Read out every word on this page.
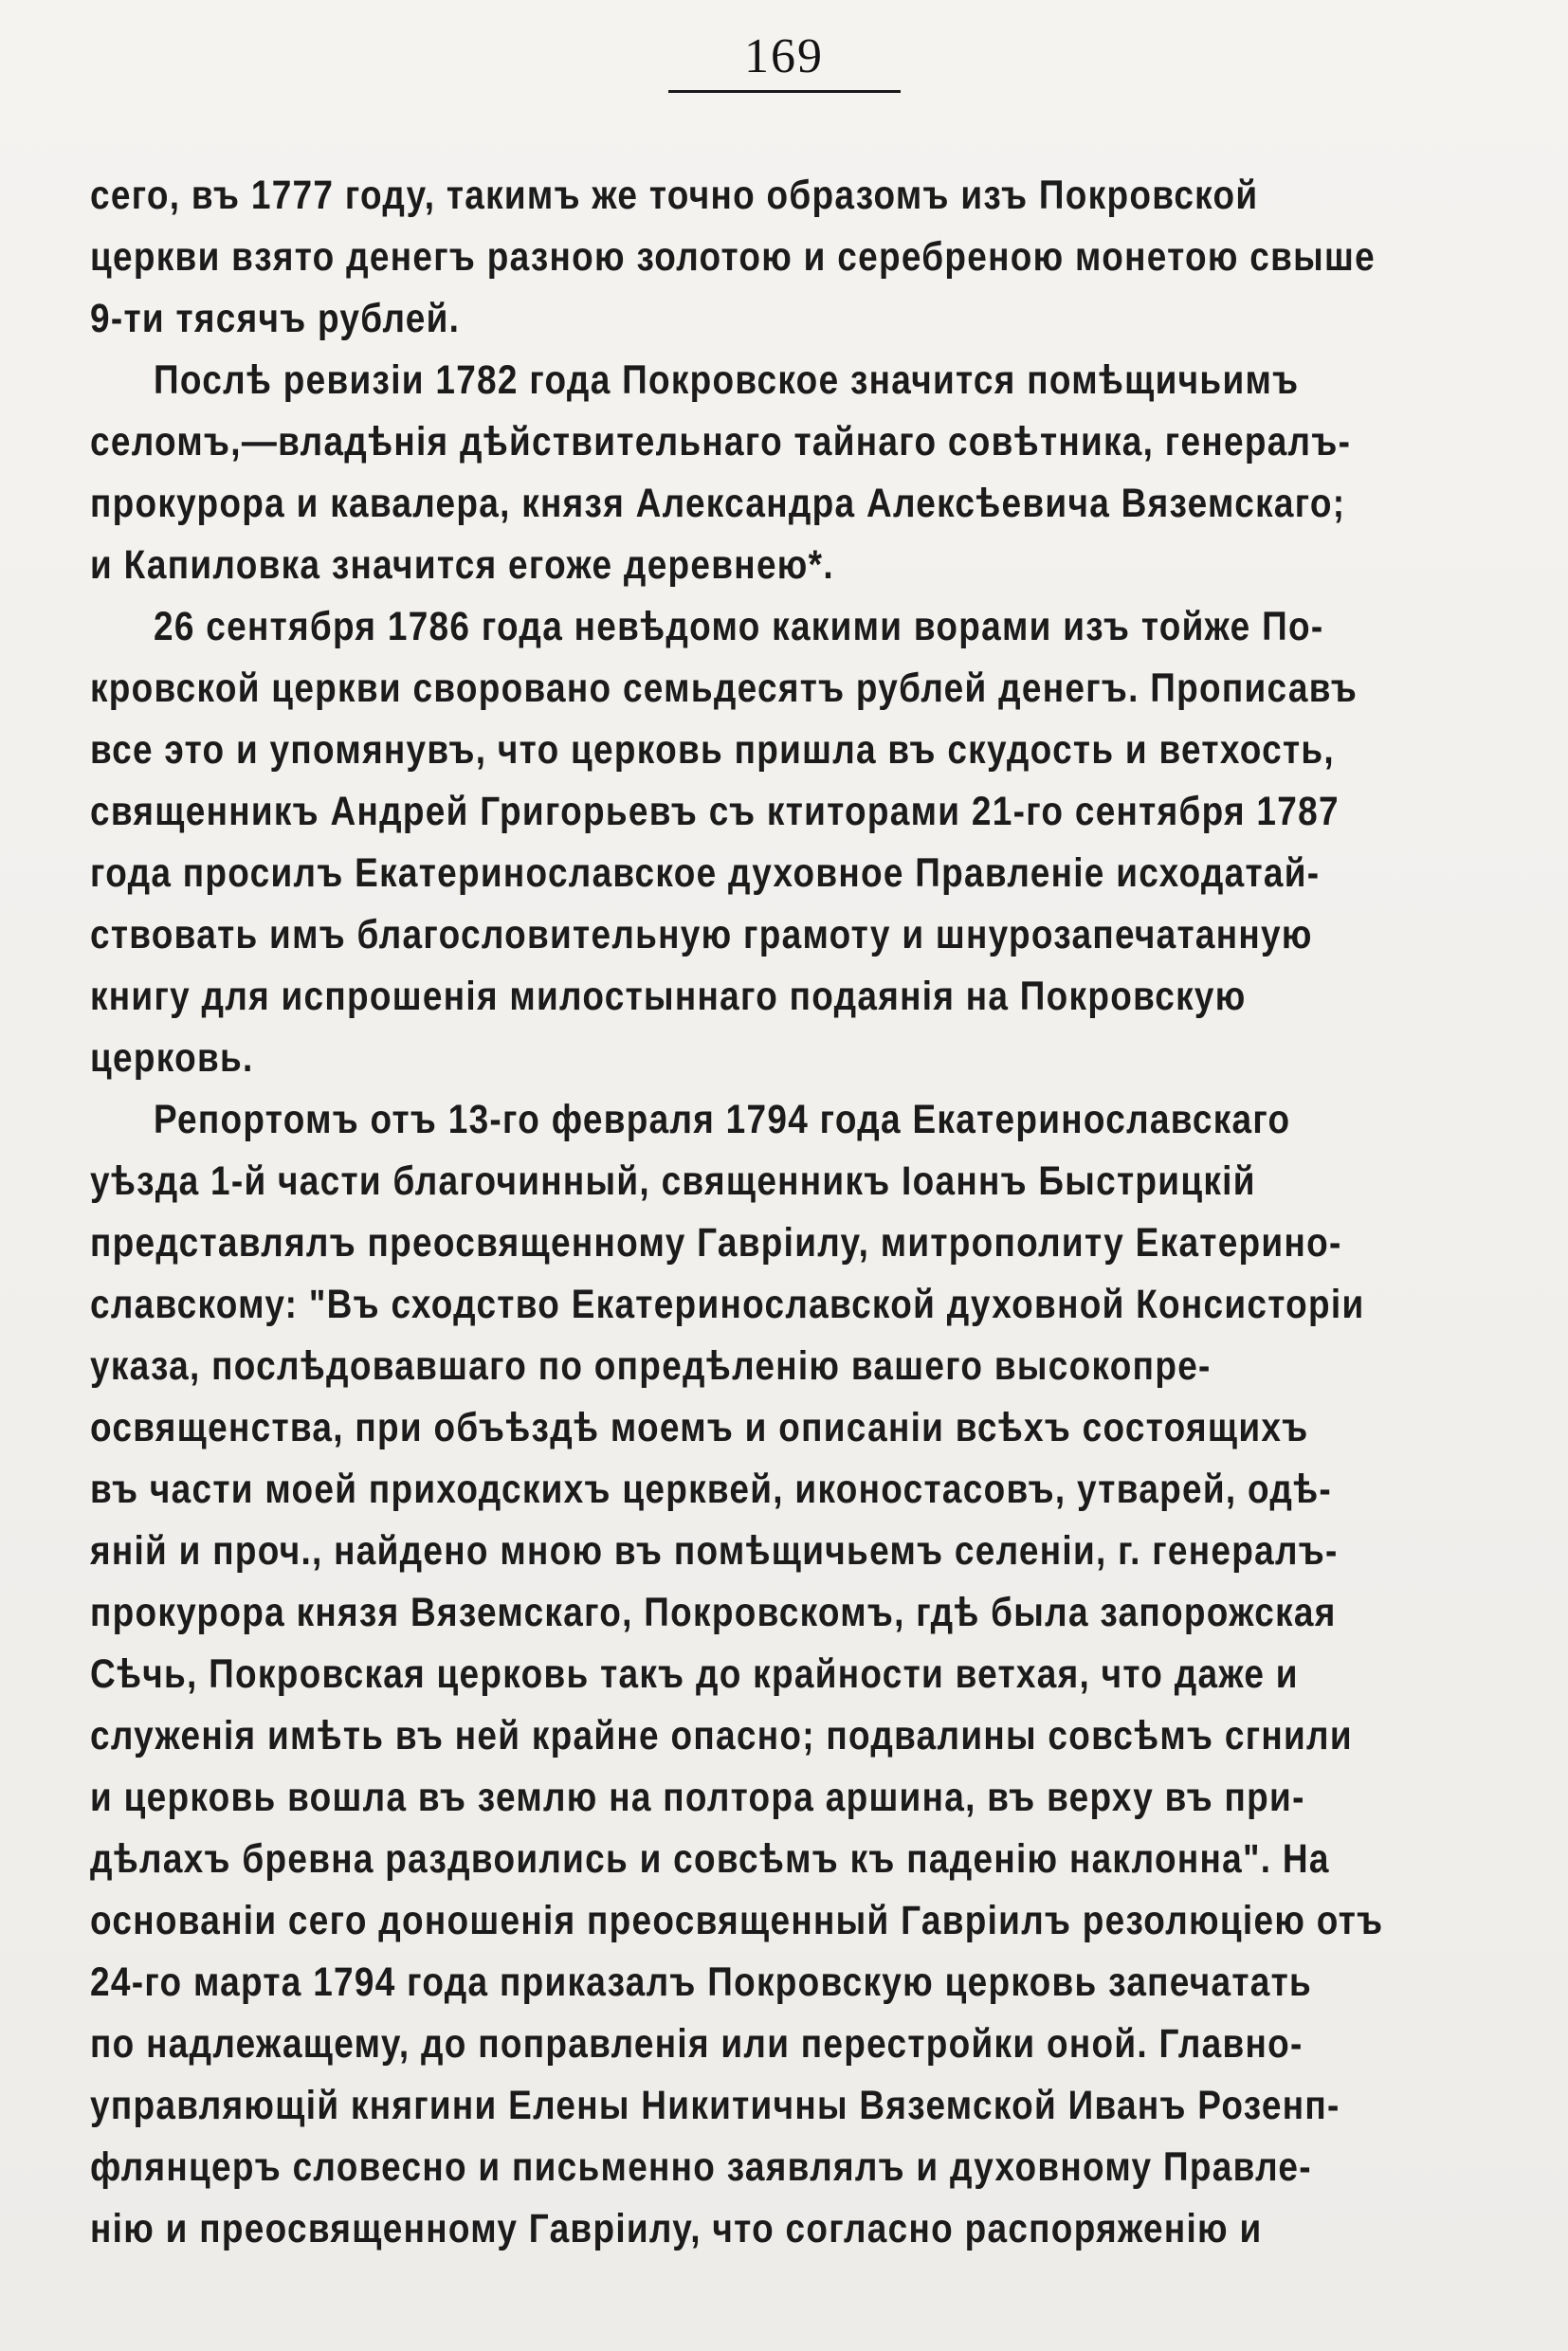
169
сего, въ 1777 году, такимъ же точно образомъ изъ Покровской
церкви взято денегъ разною золотою и серебреною монетою свыше
9-ти тясячъ рублей.
Послѣ ревизіи 1782 года Покровское значится помѣщичьимъ
селомъ,—владѣнія дѣйствительнаго тайнаго совѣтника, генералъ-
прокурора и кавалера, князя Александра Алексѣевича Вяземскаго;
и Капиловка значится егоже деревнею*.
26 сентября 1786 года невѣдомо какими ворами изъ тойже По-
кровской церкви своровано семьдесятъ рублей денегъ. Прописавъ
все это и упомянувъ, что церковь пришла въ скудость и ветхость,
священникъ Андрей Григорьевъ съ ктиторами 21-го сентября 1787
года просилъ Екатеринославское духовное Правленіе исходатай-
ствовать имъ благословительную грамоту и шнурозапечатанную
книгу для испрошенія милостыннаго подаянія на Покровскую
церковь.
Репортомъ отъ 13-го февраля 1794 года Екатеринославскаго
уѣзда 1-й части благочинный, священникъ Іоаннъ Быстрицкій
представлялъ преосвященному Гавріилу, митрополиту Екатерино-
славскому: "Въ сходство Екатеринославской духовной Консисторіи
указа, послѣдовавшаго по опредѣленію вашего высокопре-
освященства, при объѣздѣ моемъ и описаніи всѣхъ состоящихъ
въ части моей приходскихъ церквей, иконостасовъ, утварей, одѣ-
яній и проч., найдено мною въ помѣщичьемъ селеніи, г. генералъ-
прокурора князя Вяземскаго, Покровскомъ, гдѣ была запорожская
Сѣчь, Покровская церковь такъ до крайности ветхая, что даже и
служенія имѣть въ ней крайне опасно; подвалины совсѣмъ сгнили
и церковь вошла въ землю на полтора аршина, въ верху въ при-
дѣлахъ бревна раздвоились и совсѣмъ къ паденію наклонна". На
основаніи сего доношенія преосвященный Гавріилъ резолюціею отъ
24-го марта 1794 года приказалъ Покровскую церковь запечатать
по надлежащему, до поправленія или перестройки оной. Главно-
управляющій княгини Елены Никитичны Вяземской Иванъ Розенп-
флянцеръ словесно и письменно заявлялъ и духовному Правле-
нію и преосвященному Гавріилу, что согласно распоряженію и
